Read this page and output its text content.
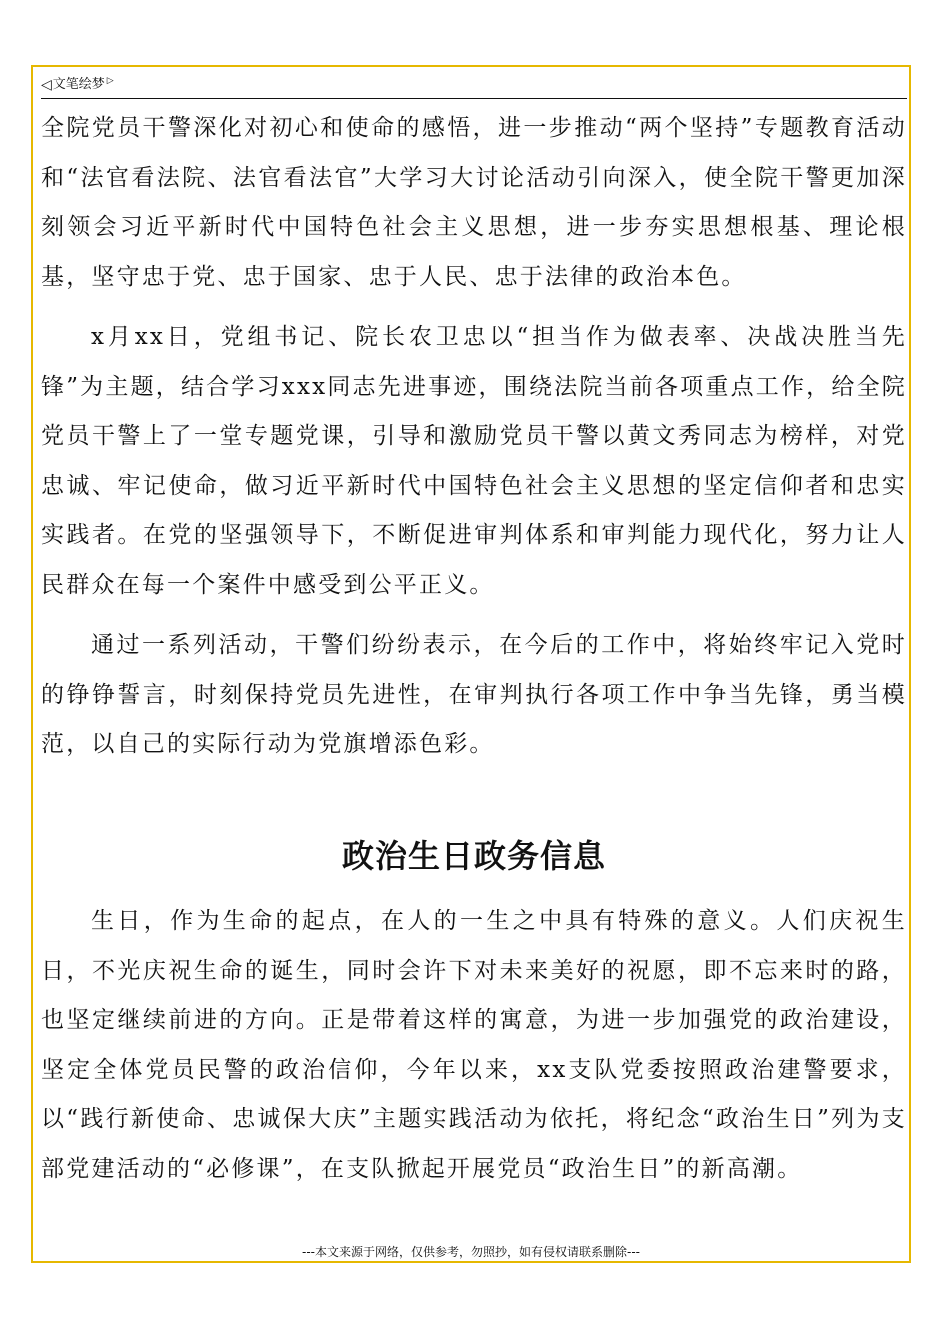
◁ 文笔绘梦 ▷

全院党员干警深化对初心和使命的感悟，进一步推动“两个坚持”专题教育活动和“法官看法院、法官看法官”大学习大讨论活动引向深入，使全院干警更加深刻领会习近平新时代中国特色社会主义思想，进一步夯实思想根基、理论根基，坚守忠于党、忠于国家、忠于人民、忠于法律的政治本色。

x月xx日，党组书记、院长农卫忠以“担当作为做表率、决战决胜当先锋”为主题，结合学习xxx同志先进事迹，围绕法院当前各项重点工作，给全院党员干警上了一堂专题党课，引导和激励党员干警以黄文秀同志为榜样，对党忠诚、牢记使命，做习近平新时代中国特色社会主义思想的坚定信仰者和忠实实践者。在党的坚强领导下，不断促进审判体系和审判能力现代化，努力让人民群众在每一个案件中感受到公平正义。

通过一系列活动，干警们纷纷表示，在今后的工作中，将始终牢记入党时的铮铮誓言，时刻保持党员先进性，在审判执行各项工作中争当先锋，勇当模范，以自己的实际行动为党旗增添色彩。

政治生日政务信息

生日，作为生命的起点，在人的一生之中具有特殊的意义。人们庆祝生日，不光庆祝生命的诞生，同时会许下对未来美好的祝愿，即不忘来时的路，也坚定继续前进的方向。正是带着这样的寓意，为进一步加强党的政治建设，坚定全体党员民警的政治信仰，今年以来，xx支队党委按照政治建警要求，以“践行新使命、忠诚保大庆”主题实践活动为依托，将纪念“政治生日”列为支部党建活动的“必修课”，在支队掀起开展党员“政治生日”的新高潮。

---本文来源于网络，仅供参考，勿照抄，如有侵权请联系删除---
